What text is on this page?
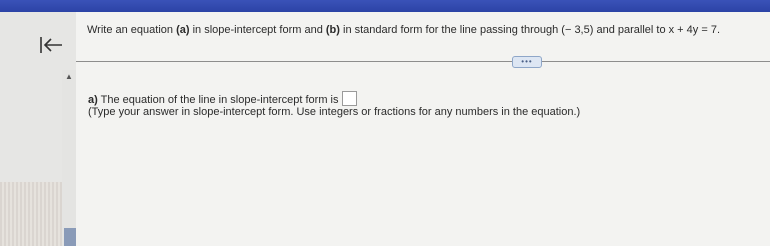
Write an equation (a) in slope-intercept form and (b) in standard form for the line passing through (− 3,5) and parallel to x + 4y = 7.
•••
▲
a) The equation of the line in slope-intercept form is
(Type your answer in slope-intercept form. Use integers or fractions for any numbers in the equation.)
